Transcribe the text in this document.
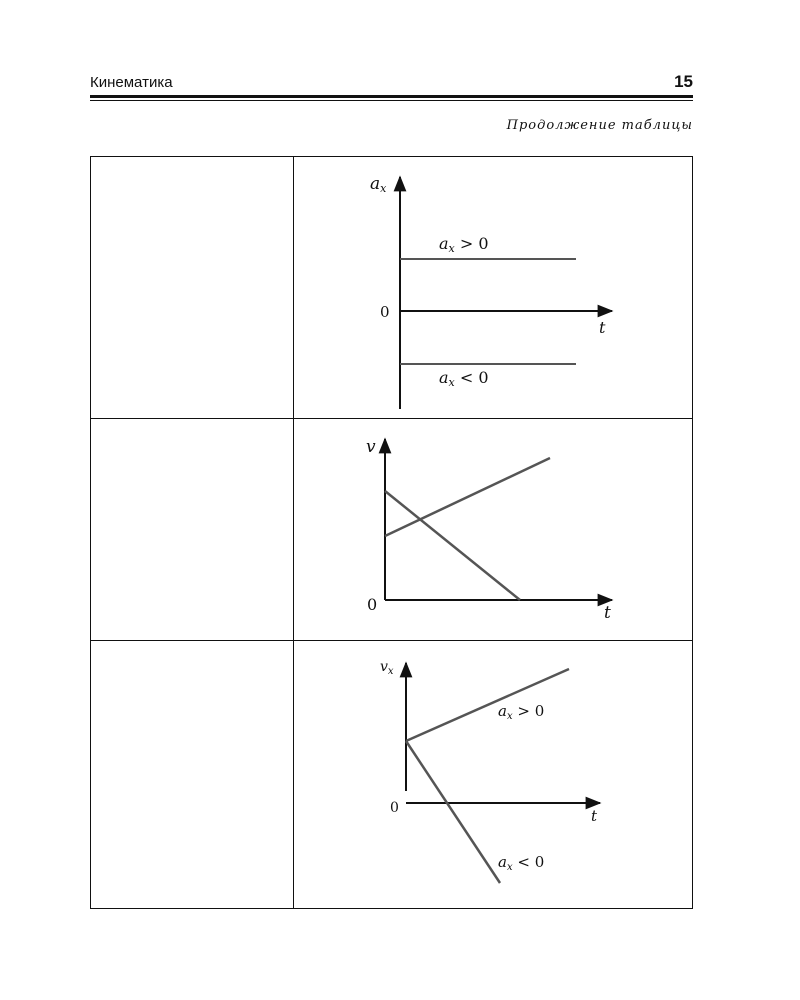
Кинематика	15
Продолжение таблицы
ax
0
t
ax > 0
ax < 0
v
0	t
$v_x$
0	t
$a_x > 0$
$a_x < 0$
